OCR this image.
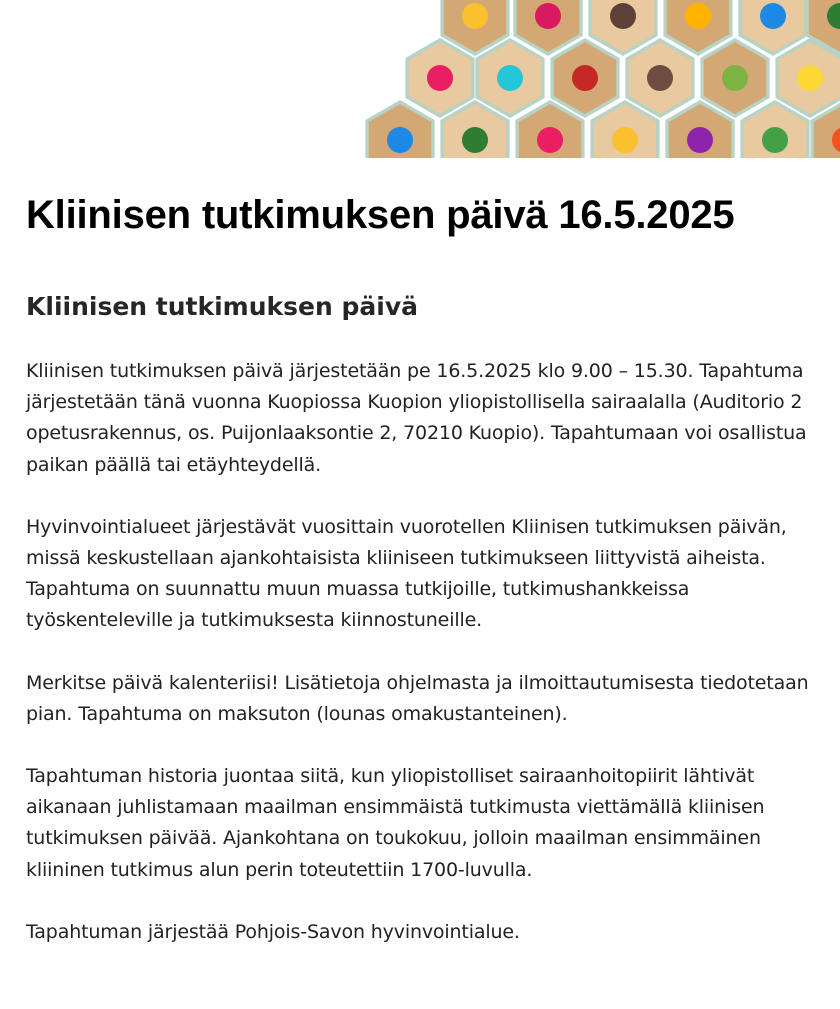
Kliinisen tutkimuksen päivä 16.5.2025
Kliinisen tutkimuksen päivä

Kliinisen tutkimuksen päivä järjestetään pe 16.5.2025 klo 9.00 – 15.30. Tapahtuma järjestetään tänä vuonna Kuopiossa Kuopion yliopistollisella sairaalalla (Auditorio 2 opetusrakennus, os. Puijonlaaksontie 2, 70210 Kuopio). Tapahtumaan voi osallistua paikan päällä tai etäyhteydellä.

Hyvinvointialueet järjestävät vuosittain vuorotellen Kliinisen tutkimuksen päivän, missä keskustellaan ajankohtaisista kliiniseen tutkimukseen liittyvistä aiheista. Tapahtuma on suunnattu muun muassa tutkijoille, tutkimushankkeissa työskenteleville ja tutkimuksesta kiinnostuneille.

Merkitse päivä kalenteriisi! Lisätietoja ohjelmasta ja ilmoittautumisesta tiedotetaan pian. Tapahtuma on maksuton (lounas omakustanteinen).

Tapahtuman historia juontaa siitä, kun yliopistolliset sairaanhoitopiirit lähtivät aikanaan juhlistamaan maailman ensimmäistä tutkimusta viettämällä kliinisen tutkimuksen päivää. Ajankohtana on toukokuu, jolloin maailman ensimmäinen kliininen tutkimus alun perin toteutettiin 1700-luvulla.

Tapahtuman järjestää Pohjois-Savon hyvinvointialue.
